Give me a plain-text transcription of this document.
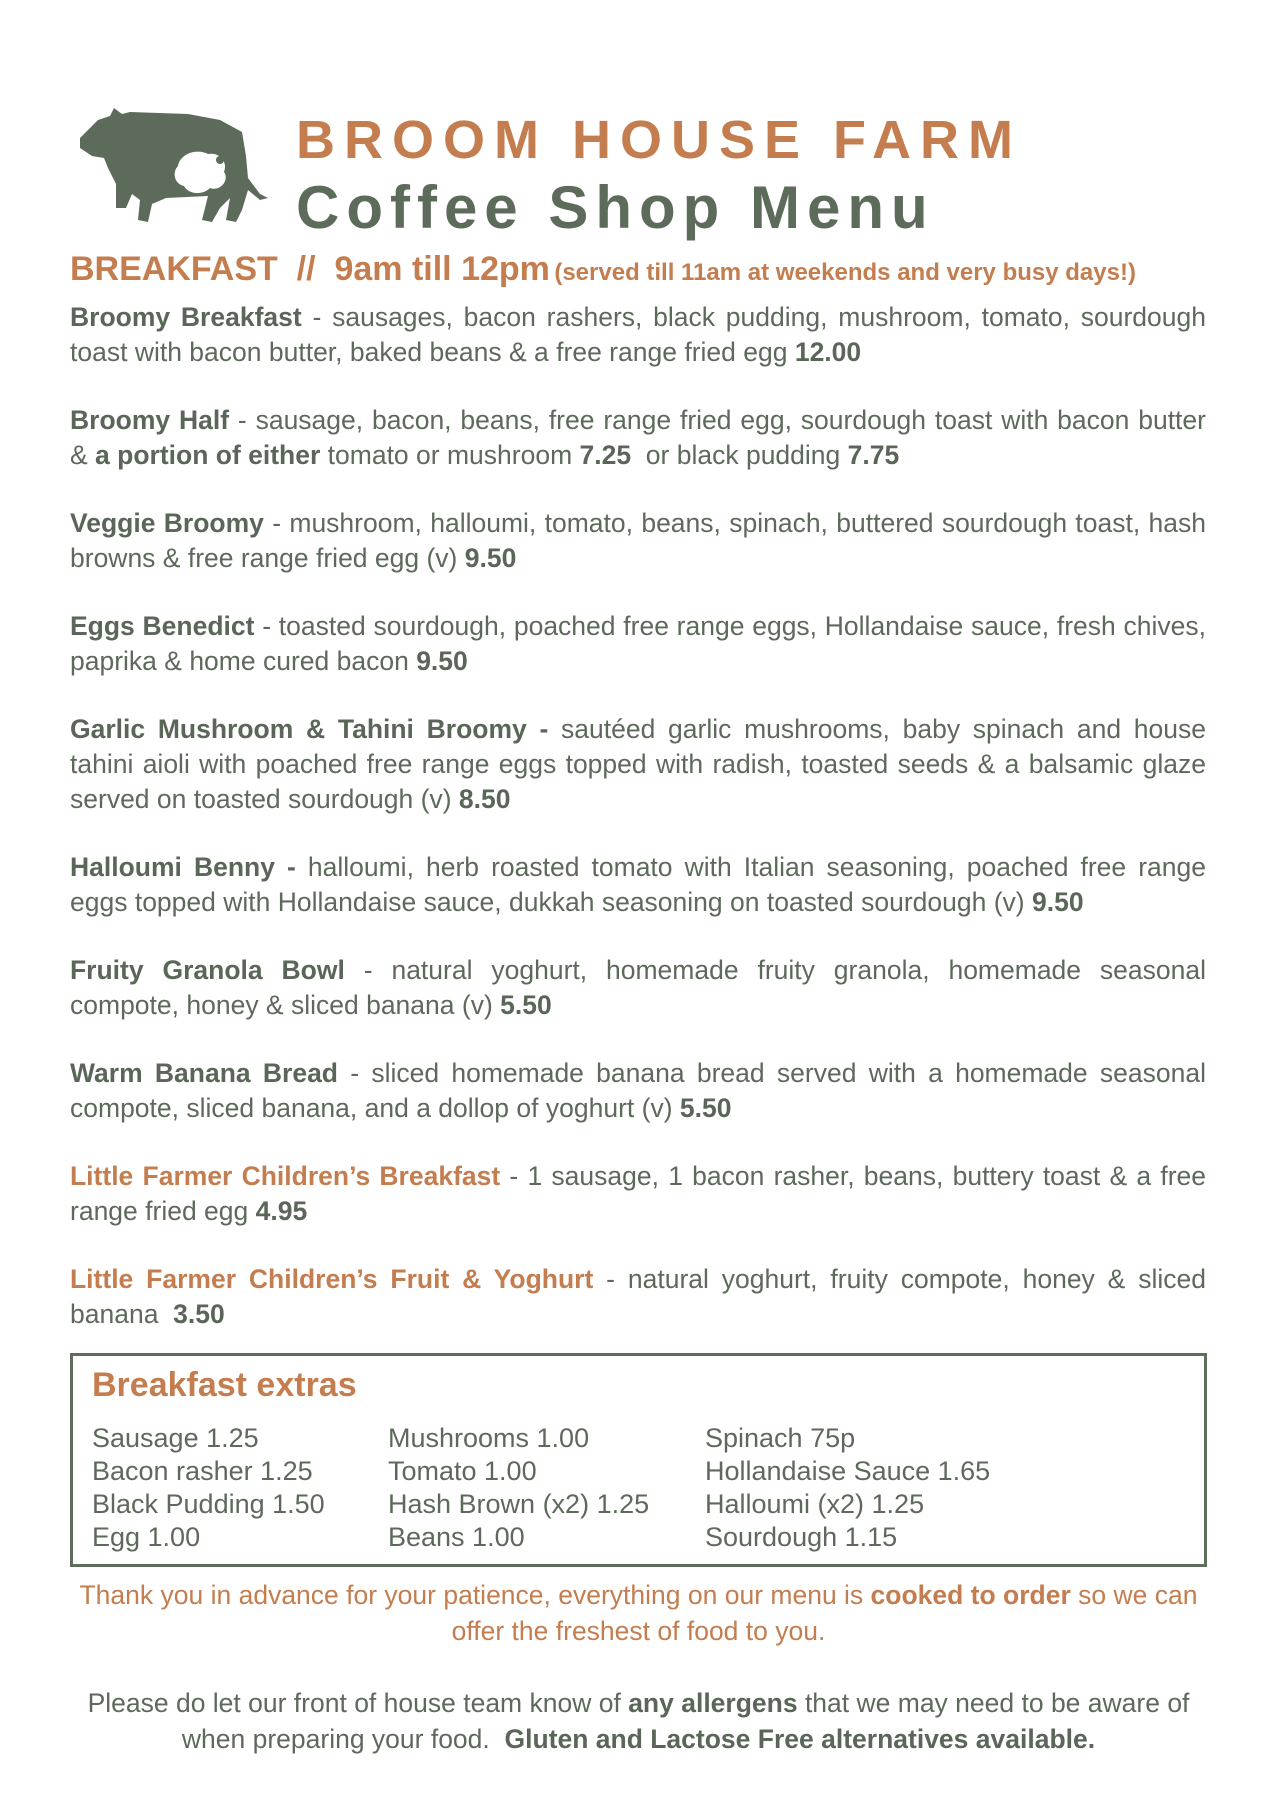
BROOM HOUSE FARM
Coffee Shop Menu
BREAKFAST  //  9am till 12pm (served till 11am at weekends and very busy days!)

Broomy Breakfast - sausages, bacon rashers, black pudding, mushroom, tomato, sourdough toast with bacon butter, baked beans & a free range fried egg 12.00

Broomy Half - sausage, bacon, beans, free range fried egg, sourdough toast with bacon butter & a portion of either tomato or mushroom 7.25  or black pudding 7.75

Veggie Broomy - mushroom, halloumi, tomato, beans, spinach, buttered sourdough toast, hash browns & free range fried egg (v) 9.50

Eggs Benedict - toasted sourdough, poached free range eggs, Hollandaise sauce, fresh chives, paprika & home cured bacon 9.50

Garlic Mushroom & Tahini Broomy - sautéed garlic mushrooms, baby spinach and house tahini aioli with poached free range eggs topped with radish, toasted seeds & a balsamic glaze served on toasted sourdough (v) 8.50

Halloumi Benny - halloumi, herb roasted tomato with Italian seasoning, poached free range eggs topped with Hollandaise sauce, dukkah seasoning on toasted sourdough (v) 9.50

Fruity Granola Bowl - natural yoghurt, homemade fruity granola, homemade seasonal compote, honey & sliced banana (v) 5.50

Warm Banana Bread - sliced homemade banana bread served with a homemade seasonal compote, sliced banana, and a dollop of yoghurt (v) 5.50

Little Farmer Children’s Breakfast - 1 sausage, 1 bacon rasher, beans, buttery toast & a free range fried egg 4.95

Little Farmer Children’s Fruit & Yoghurt - natural yoghurt, fruity compote, honey & sliced banana  3.50

Breakfast extras
Sausage 1.25
Bacon rasher 1.25
Black Pudding 1.50
Egg 1.00
Mushrooms 1.00
Tomato 1.00
Hash Brown (x2) 1.25
Beans 1.00
Spinach 75p
Hollandaise Sauce 1.65
Halloumi (x2) 1.25
Sourdough 1.15

Thank you in advance for your patience, everything on our menu is cooked to order so we can offer the freshest of food to you.

Please do let our front of house team know of any allergens that we may need to be aware of when preparing your food.  Gluten and Lactose Free alternatives available.
